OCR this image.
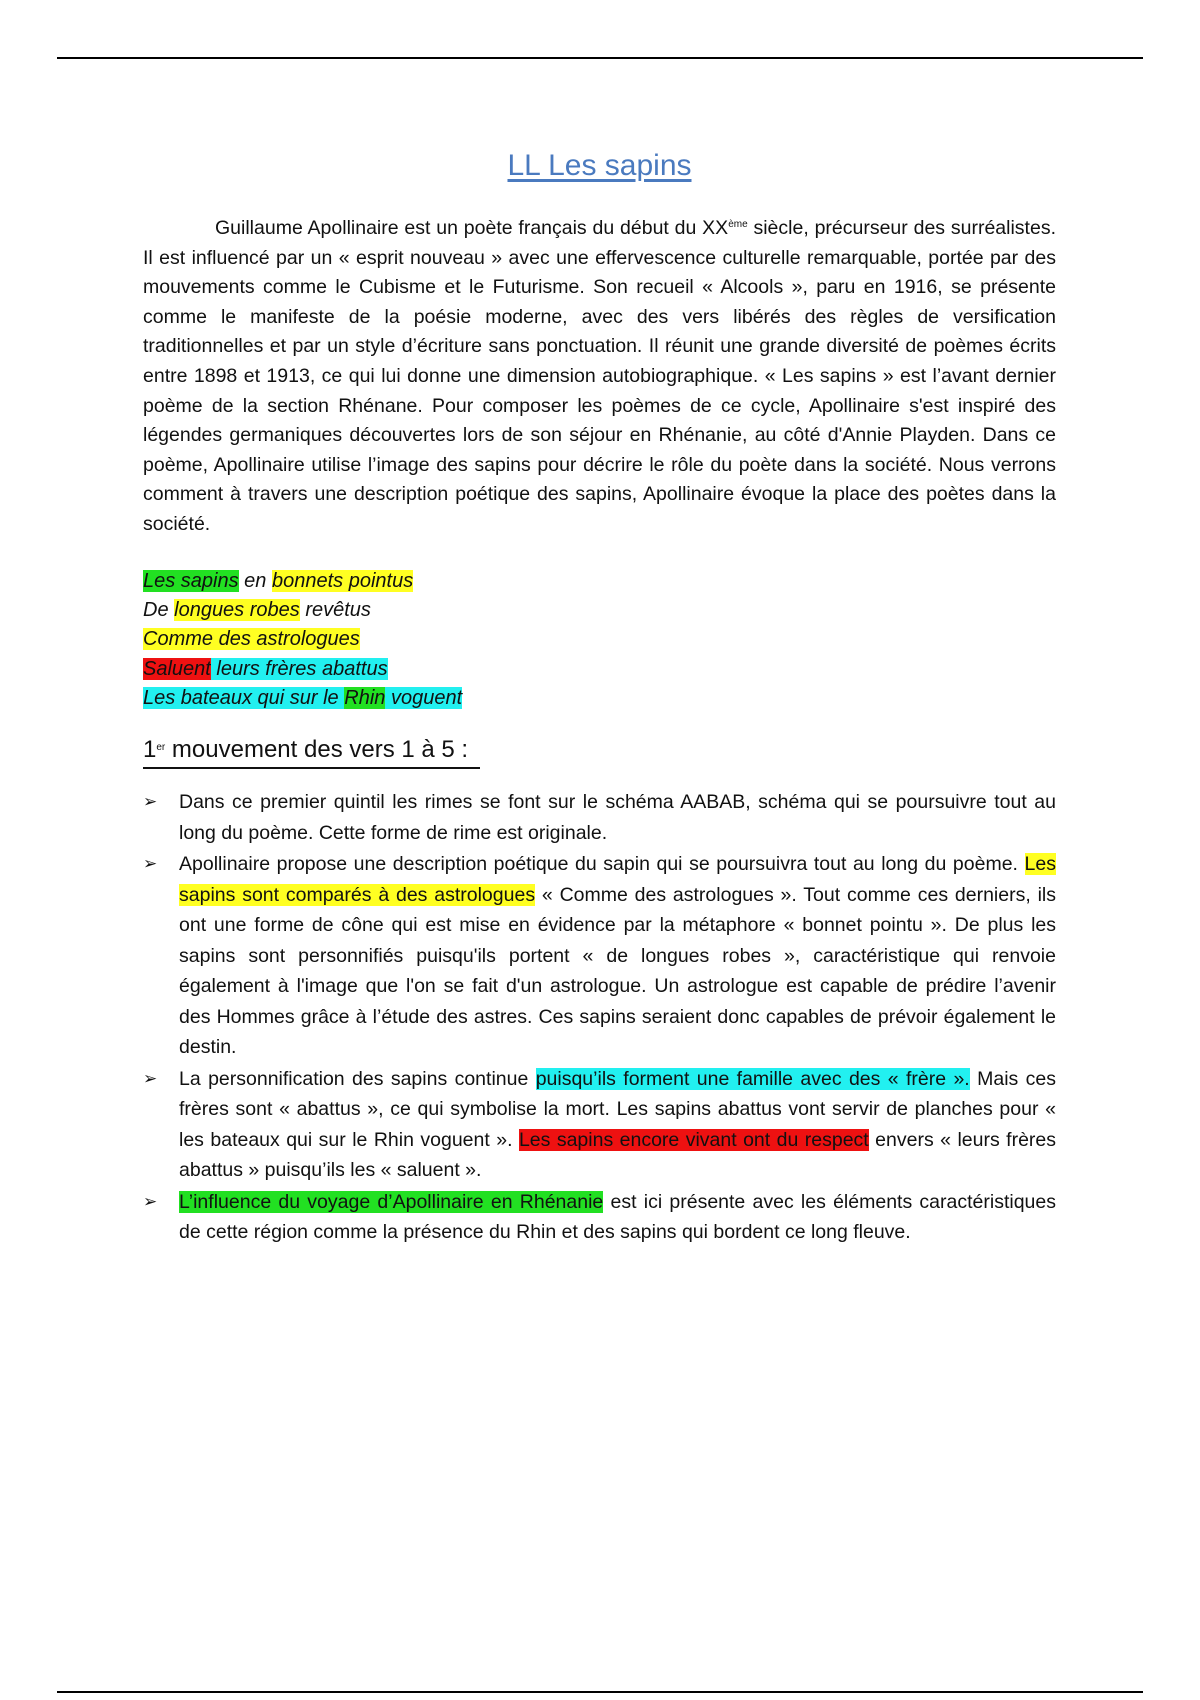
LL Les sapins

Guillaume Apollinaire est un poète français du début du XXème siècle, précurseur des surréalistes. Il est influencé par un « esprit nouveau » avec une effervescence culturelle remarquable, portée par des mouvements comme le Cubisme et le Futurisme. Son recueil « Alcools », paru en 1916, se présente comme le manifeste de la poésie moderne, avec des vers libérés des règles de versification traditionnelles et par un style d’écriture sans ponctuation. Il réunit une grande diversité de poèmes écrits entre 1898 et 1913, ce qui lui donne une dimension autobiographique. « Les sapins » est l’avant dernier poème de la section Rhénane. Pour composer les poèmes de ce cycle, Apollinaire s'est inspiré des légendes germaniques découvertes lors de son séjour en Rhénanie, au côté d'Annie Playden. Dans ce poème, Apollinaire utilise l’image des sapins pour décrire le rôle du poète dans la société. Nous verrons comment à travers une description poétique des sapins, Apollinaire évoque la place des poètes dans la société.

Les sapins en bonnets pointus
De longues robes revêtus
Comme des astrologues
Saluent leurs frères abattus
Les bateaux qui sur le Rhin voguent
1er mouvement des vers 1 à 5 :
➢ Dans ce premier quintil les rimes se font sur le schéma AABAB, schéma qui se poursuivre tout au long du poème. Cette forme de rime est originale.
➢ Apollinaire propose une description poétique du sapin qui se poursuivra tout au long du poème. Les sapins sont comparés à des astrologues « Comme des astrologues ». Tout comme ces derniers, ils ont une forme de cône qui est mise en évidence par la métaphore « bonnet pointu ». De plus les sapins sont personnifiés puisqu'ils portent « de longues robes », caractéristique qui renvoie également à l'image que l'on se fait d'un astrologue. Un astrologue est capable de prédire l’avenir des Hommes grâce à l’étude des astres. Ces sapins seraient donc capables de prévoir également le destin.
➢ La personnification des sapins continue puisqu’ils forment une famille avec des « frère ». Mais ces frères sont « abattus », ce qui symbolise la mort. Les sapins abattus vont servir de planches pour « les bateaux qui sur le Rhin voguent ». Les sapins encore vivant ont du respect envers « leurs frères abattus » puisqu’ils les « saluent ».
➢ L’influence du voyage d’Apollinaire en Rhénanie est ici présente avec les éléments caractéristiques de cette région comme la présence du Rhin et des sapins qui bordent ce long fleuve.
